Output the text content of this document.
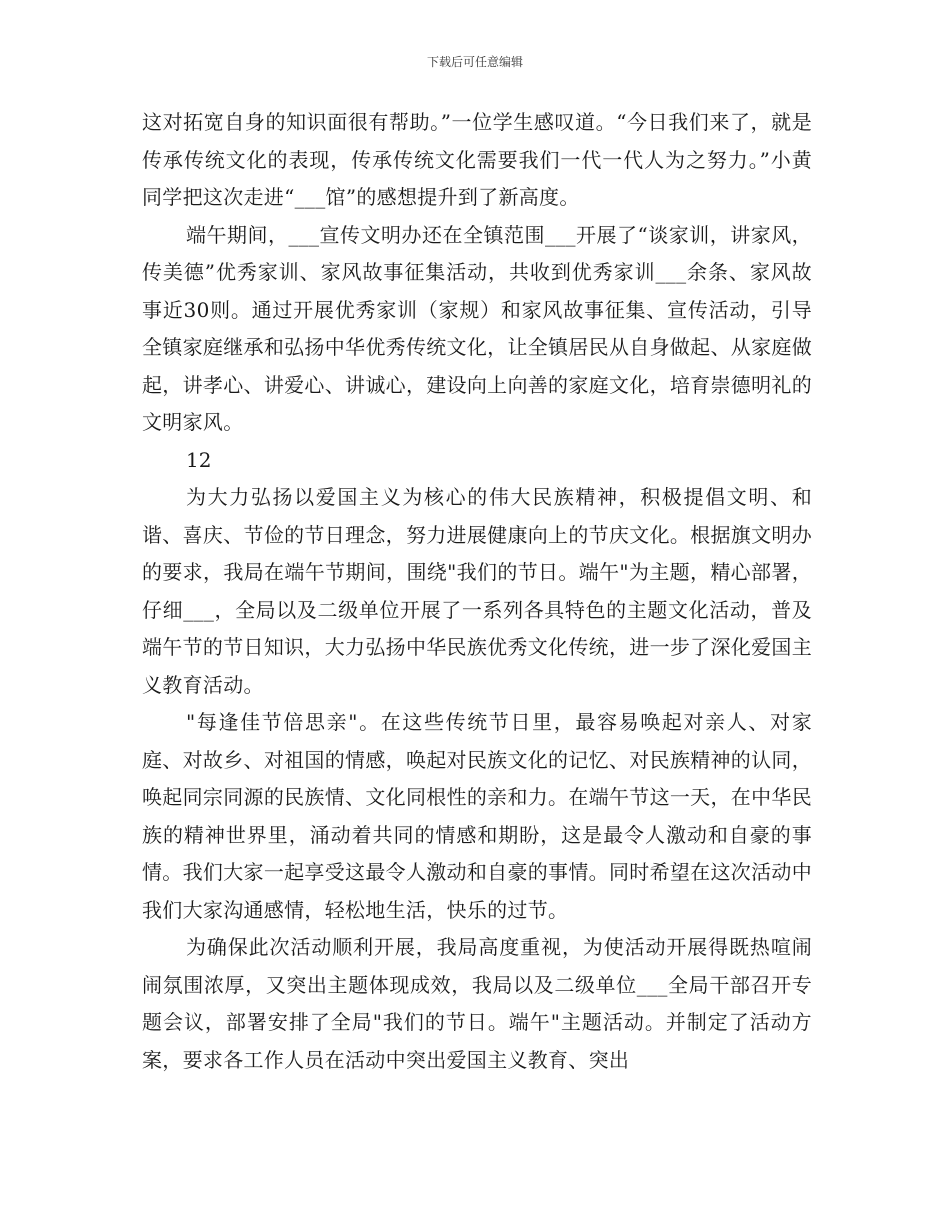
下载后可任意编辑

这对拓宽自身的知识面很有帮助。”一位学生感叹道。“今日我们来了，就是传承传统文化的表现，传承传统文化需要我们一代一代人为之努力。”小黄同学把这次走进“___馆”的感想提升到了新高度。

端午期间，___宣传文明办还在全镇范围___开展了“谈家训，讲家风，传美德”优秀家训、家风故事征集活动，共收到优秀家训___余条、家风故事近30则。通过开展优秀家训（家规）和家风故事征集、宣传活动，引导全镇家庭继承和弘扬中华优秀传统文化，让全镇居民从自身做起、从家庭做起，讲孝心、讲爱心、讲诚心，建设向上向善的家庭文化，培育崇德明礼的文明家风。

12

为大力弘扬以爱国主义为核心的伟大民族精神，积极提倡文明、和谐、喜庆、节俭的节日理念，努力进展健康向上的节庆文化。根据旗文明办的要求，我局在端午节期间，围绕"我们的节日。端午"为主题，精心部署，仔细___，全局以及二级单位开展了一系列各具特色的主题文化活动，普及端午节的节日知识，大力弘扬中华民族优秀文化传统，进一步了深化爱国主义教育活动。

"每逢佳节倍思亲"。在这些传统节日里，最容易唤起对亲人、对家庭、对故乡、对祖国的情感，唤起对民族文化的记忆、对民族精神的认同，唤起同宗同源的民族情、文化同根性的亲和力。在端午节这一天，在中华民族的精神世界里，涌动着共同的情感和期盼，这是最令人激动和自豪的事情。我们大家一起享受这最令人激动和自豪的事情。同时希望在这次活动中我们大家沟通感情，轻松地生活，快乐的过节。

为确保此次活动顺利开展，我局高度重视，为使活动开展得既热喧闹闹氛围浓厚，又突出主题体现成效，我局以及二级单位___全局干部召开专题会议，部署安排了全局"我们的节日。端午"主题活动。并制定了活动方案，要求各工作人员在活动中突出爱国主义教育、突出
